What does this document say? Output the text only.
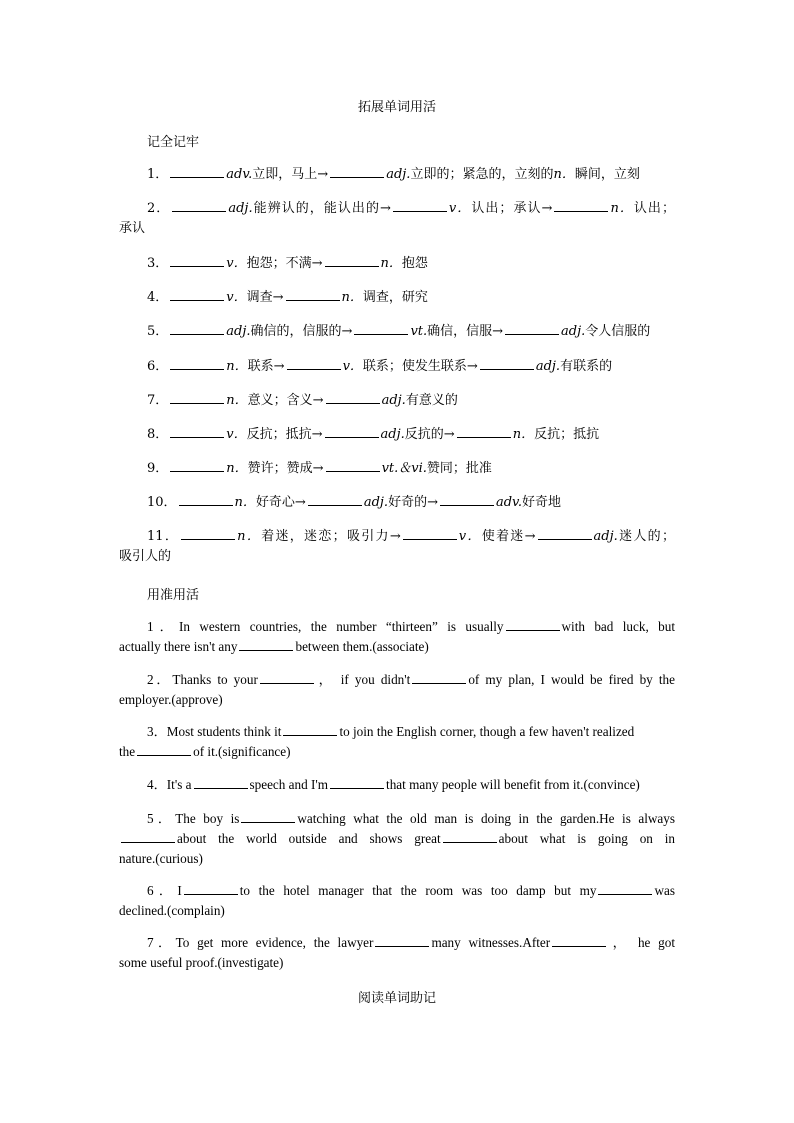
拓展单词用活
记全记牢
1．	adv.立即，马上→	adj.立即的；紧急的，立刻的n．瞬间，立刻
2．	adj.能辨认的，能认出的→	v．认出；承认→	n．认出；
承认
3．	v．抱怨；不满→	n．抱怨
4．	v．调查→	n．调查，研究
5．	adj.确信的，信服的→	vt.确信，信服→	adj.令人信服的
6．	n．联系→	v．联系；使发生联系→	adj.有联系的
7．	n．意义；含义→	adj.有意义的
8．	v．反抗；抵抗→	adj.反抗的→	n．反抗；抵抗
9．	n．赞许；赞成→	vt.＆vi.赞同；批准
10．	n．好奇心→	adj.好奇的→	adv.好奇地
11．	n．着迷，迷恋；吸引力→	v．使着迷→	adj.迷人的；
吸引人的
用准用活
1．In western countries, the number “thirteen” is usually	with bad luck, but
actually there isn't any	between them.(associate)
2．Thanks to your	， if you didn't	of my plan, I would be fired by the
employer.(approve)
3．Most students think it	to join the English corner, though a few haven't realized
the	of it.(significance)
4．It's a	speech and I'm	that many people will benefit from it.(convince)
5．The boy is	watching what the old man is doing in the garden.He is always
about the world outside and shows great	about what is going on in
nature.(curious)
6．I	to the hotel manager that the room was too damp but my	was
declined.(complain)
7．To get more evidence, the lawyer	many witnesses.After	， he got
some useful proof.(investigate)
阅读单词助记
